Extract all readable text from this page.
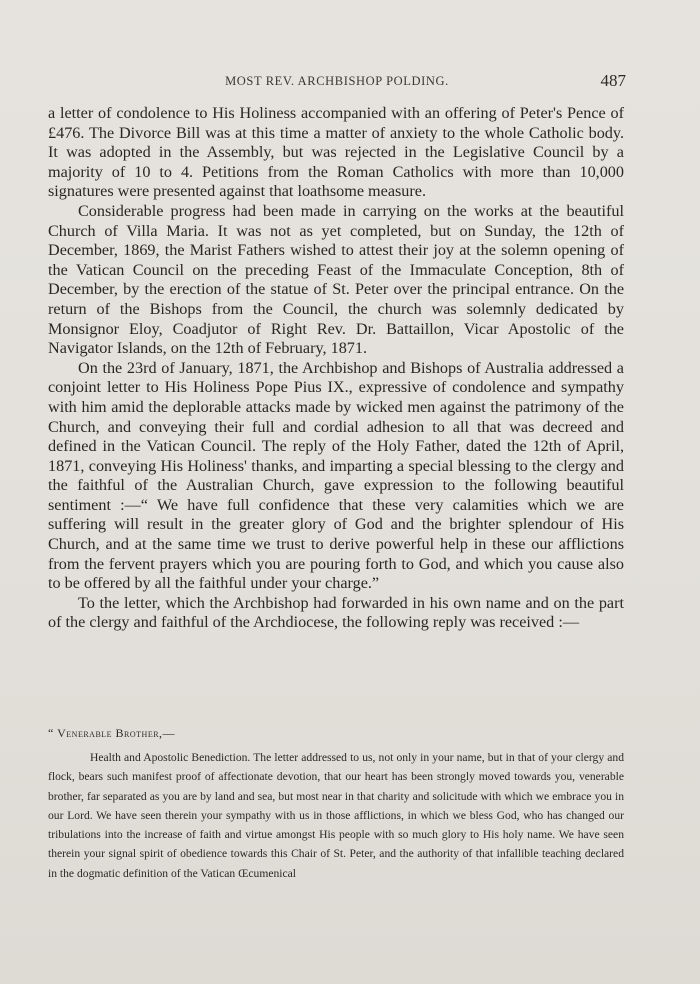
MOST REV. ARCHBISHOP POLDING.	487

a letter of condolence to His Holiness accompanied with an offering of Peter's Pence of £476. The Divorce Bill was at this time a matter of anxiety to the whole Catholic body. It was adopted in the Assembly, but was rejected in the Legislative Council by a majority of 10 to 4. Petitions from the Roman Catholics with more than 10,000 signatures were presented against that loathsome measure.

Considerable progress had been made in carrying on the works at the beautiful Church of Villa Maria. It was not as yet completed, but on Sunday, the 12th of December, 1869, the Marist Fathers wished to attest their joy at the solemn opening of the Vatican Council on the preceding Feast of the Immaculate Conception, 8th of December, by the erection of the statue of St. Peter over the principal entrance. On the return of the Bishops from the Council, the church was solemnly dedicated by Monsignor Eloy, Coadjutor of Right Rev. Dr. Battaillon, Vicar Apostolic of the Navigator Islands, on the 12th of February, 1871.

On the 23rd of January, 1871, the Archbishop and Bishops of Australia addressed a conjoint letter to His Holiness Pope Pius IX., expressive of condolence and sympathy with him amid the deplorable attacks made by wicked men against the patrimony of the Church, and conveying their full and cordial adhesion to all that was decreed and defined in the Vatican Council. The reply of the Holy Father, dated the 12th of April, 1871, conveying His Holiness' thanks, and imparting a special blessing to the clergy and the faithful of the Australian Church, gave expression to the following beautiful sentiment :—“ We have full confidence that these very calamities which we are suffering will result in the greater glory of God and the brighter splendour of His Church, and at the same time we trust to derive powerful help in these our afflictions from the fervent prayers which you are pouring forth to God, and which you cause also to be offered by all the faithful under your charge.”

To the letter, which the Archbishop had forwarded in his own name and on the part of the clergy and faithful of the Archdiocese, the following reply was received :—

“ Venerable Brother,—

Health and Apostolic Benediction. The letter addressed to us, not only in your name, but in that of your clergy and flock, bears such manifest proof of affectionate devotion, that our heart has been strongly moved towards you, venerable brother, far separated as you are by land and sea, but most near in that charity and solicitude with which we embrace you in our Lord. We have seen therein your sympathy with us in those afflictions, in which we bless God, who has changed our tribulations into the increase of faith and virtue amongst His people with so much glory to His holy name. We have seen therein your signal spirit of obedience towards this Chair of St. Peter, and the authority of that infallible teaching declared in the dogmatic definition of the Vatican Œcumenical
